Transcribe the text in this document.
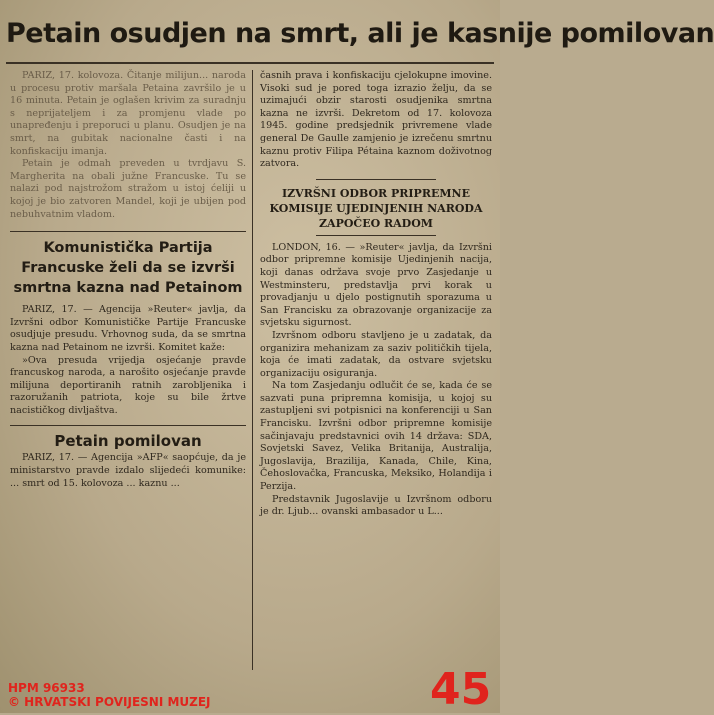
Petain osudjen na smrt, ali je kasnije pomilovan

PARIZ, 17. kolovoza. Čitanje milijun... naroda u procesu protiv maršala Petaina završilo je u 16 minuta. Petain je oglašen krivim za suradnju s neprijateljem i za promjenu vlade po unapređenju i preporuci u planu. Osudjen je na smrt, na gubitak nacionalne časti i na konfiskaciju imanja.

Petain je odmah preveden u tvrdjavu S. Margherita na obali južne Francuske. Tu se nalazi pod najstrožom stražom u istoj ćeliji u kojoj je bio zatvoren Mandel, koji je ubijen pod nebuhvatnim vladom.

Komunistička Partija Francuske želi da se izvrši smrtna kazna nad Petainom

PARIZ, 17. — Agencija »Reuter« javlja, da Izvršni odbor Komunističke Partije Francuske osudjuje presudu. Vrhovnog suda, da se smrtna kazna nad Petainom ne izvrši. Komitet kaže:

»Ova presuda vrijedja osjećanje pravde francuskog naroda, a narošito osjećanje pravde milijuna deportiranih ratnih zarobljenika i razoružanih patriota, koje su bile žrtve nacističkog divljaštva.

Petain pomilovan

PARIZ, 17. — Agencija »AFP« saopćuje, da je ministarstvo pravde izdalo slijedeći komunike: ... smrt od 15. kolovoza ... kaznu ...

časnih prava i konfiskaciju cjelokupne imovine. Visoki sud je pored toga izrazio želju, da se uzimajući obzir starosti osudjenika smrtna kazna ne izvrši. Dekretom od 17. kolovoza 1945. godine predsjednik privremene vlade general De Gaulle zamjenio je izrečenu smrtnu kaznu protiv Filipa Pétaina kaznom doživotnog zatvora.

IZVRŠNI ODBOR PRIPREMNE KOMISIJE UJEDINJENIH NARODA ZAPOČEO RADOM

LONDON, 16. — »Reuter« javlja, da Izvršni odbor pripremne komisije Ujedinjenih nacija, koji danas održava svoje prvo Zasjedanje u Westminsteru, predstavlja prvi korak u provadjanju u djelo postignutih sporazuma u San Francisku za obrazovanje organizacije za svjetsku sigurnost.

Izvršnom odboru stavljeno je u zadatak, da organizira mehanizam za saziv političkih tijela, koja će imati zadatak, da ostvare svjetsku organizaciju osiguranja.

Na tom Zasjedanju odlučit će se, kada će se sazvati puna pripremna komisija, u kojoj su zastupljeni svi potpisnici na konferenciji u San Francisku. Izvršni odbor pripremne komisije sačinjavaju predstavnici ovih 14 država: SDA, Sovjetski Savez, Velika Britanija, Australija, Jugoslavija, Brazilija, Kanada, Chile, Kina, Čehoslovačka, Francuska, Meksiko, Holandija i Perzija.

Predstavnik Jugoslavije u Izvršnom odboru je dr. Ljub... ovanski ambasador u L...

HPM 96933
© HRVATSKI POVIJESNI MUZEJ	45
